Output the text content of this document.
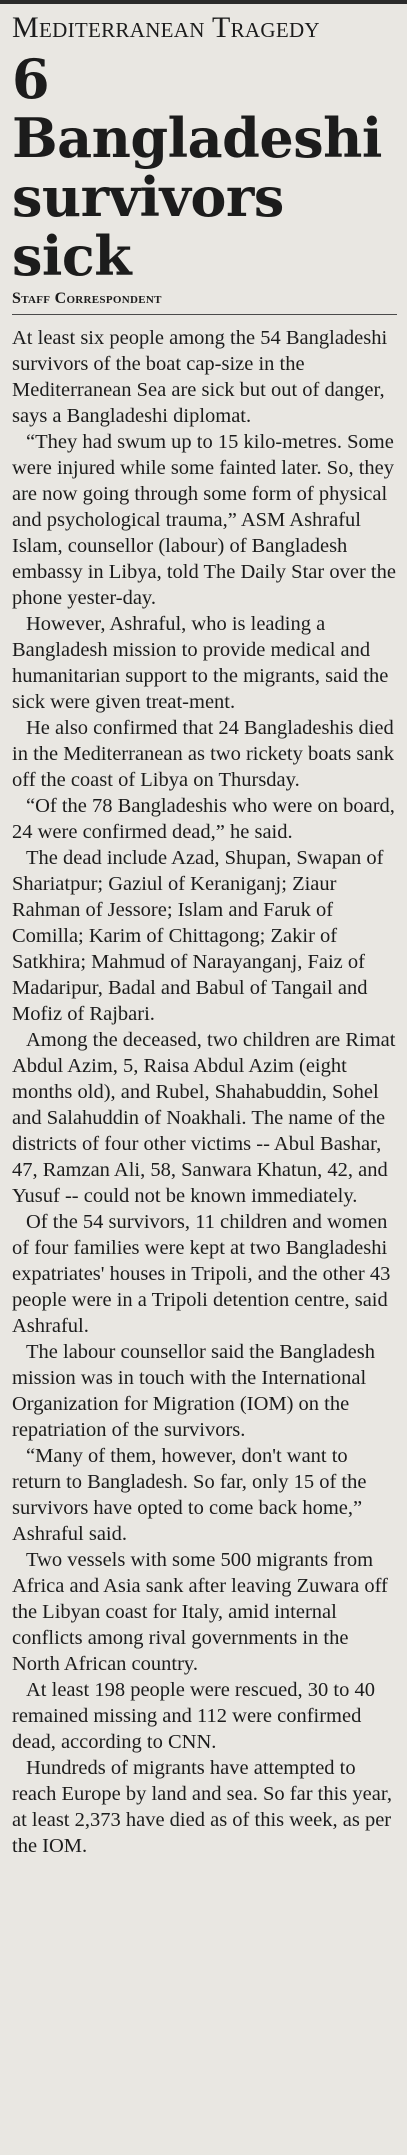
Mediterranean Tragedy
6 Bangladeshi
survivors sick
Staff Correspondent

At least six people among the 54 Bangladeshi survivors of the boat cap-size in the Mediterranean Sea are sick but out of danger, says a Bangladeshi diplomat.

“They had swum up to 15 kilo-metres. Some were injured while some fainted later. So, they are now going through some form of physical and psychological trauma,” ASM Ashraful Islam, counsellor (labour) of Bangladesh embassy in Libya, told The Daily Star over the phone yester-day.

However, Ashraful, who is leading a Bangladesh mission to provide medical and humanitarian support to the migrants, said the sick were given treat-ment.

He also confirmed that 24 Bangladeshis died in the Mediterranean as two rickety boats sank off the coast of Libya on Thursday.

“Of the 78 Bangladeshis who were on board, 24 were confirmed dead,” he said.

The dead include Azad, Shupan, Swapan of Shariatpur; Gaziul of Keraniganj; Ziaur Rahman of Jessore; Islam and Faruk of Comilla; Karim of Chittagong; Zakir of Satkhira; Mahmud of Narayanganj, Faiz of Madaripur, Badal and Babul of Tangail and Mofiz of Rajbari.

Among the deceased, two children are Rimat Abdul Azim, 5, Raisa Abdul Azim (eight months old), and Rubel, Shahabuddin, Sohel and Salahuddin of Noakhali. The name of the districts of four other victims -- Abul Bashar, 47, Ramzan Ali, 58, Sanwara Khatun, 42, and Yusuf -- could not be known immediately.

Of the 54 survivors, 11 children and women of four families were kept at two Bangladeshi expatriates' houses in Tripoli, and the other 43 people were in a Tripoli detention centre, said Ashraful.

The labour counsellor said the Bangladesh mission was in touch with the International Organization for Migration (IOM) on the repatriation of the survivors.

“Many of them, however, don't want to return to Bangladesh. So far, only 15 of the survivors have opted to come back home,” Ashraful said.

Two vessels with some 500 migrants from Africa and Asia sank after leaving Zuwara off the Libyan coast for Italy, amid internal conflicts among rival governments in the North African country.

At least 198 people were rescued, 30 to 40 remained missing and 112 were confirmed dead, according to CNN.

Hundreds of migrants have attempted to reach Europe by land and sea. So far this year, at least 2,373 have died as of this week, as per the IOM.
